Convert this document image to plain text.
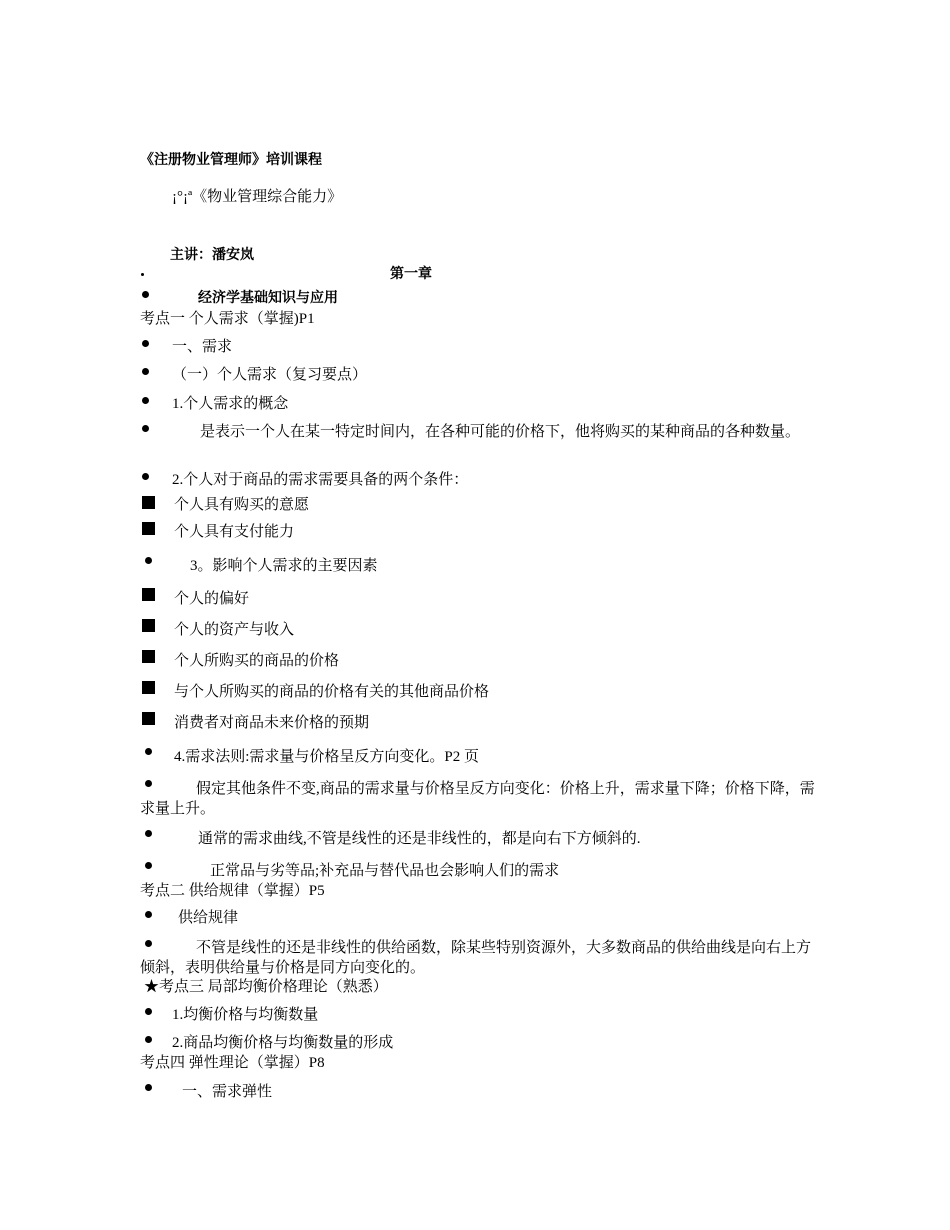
《注册物业管理师》培训课程
¡°¡ª《物业管理综合能力》
主讲：潘安岚
第一章
经济学基础知识与应用
考点一 个人需求（掌握)P1
一、需求
（一）个人需求（复习要点）
1.个人需求的概念
是表示一个人在某一特定时间内，在各种可能的价格下，他将购买的某种商品的各种数量。
2.个人对于商品的需求需要具备的两个条件：
个人具有购买的意愿
个人具有支付能力
3。影响个人需求的主要因素
个人的偏好
个人的资产与收入
个人所购买的商品的价格
与个人所购买的商品的价格有关的其他商品价格
消费者对商品未来价格的预期
4.需求法则:需求量与价格呈反方向变化。P2 页
假定其他条件不变,商品的需求量与价格呈反方向变化：价格上升，需求量下降；价格下降，需求量上升。
通常的需求曲线,不管是线性的还是非线性的，都是向右下方倾斜的.
正常品与劣等品;补充品与替代品也会影响人们的需求
考点二 供给规律（掌握）P5
供给规律
不管是线性的还是非线性的供给函数，除某些特别资源外，大多数商品的供给曲线是向右上方倾斜，表明供给量与价格是同方向变化的。
★考点三 局部均衡价格理论（熟悉）
1.均衡价格与均衡数量
2.商品均衡价格与均衡数量的形成
考点四 弹性理论（掌握）P8
一、需求弹性
